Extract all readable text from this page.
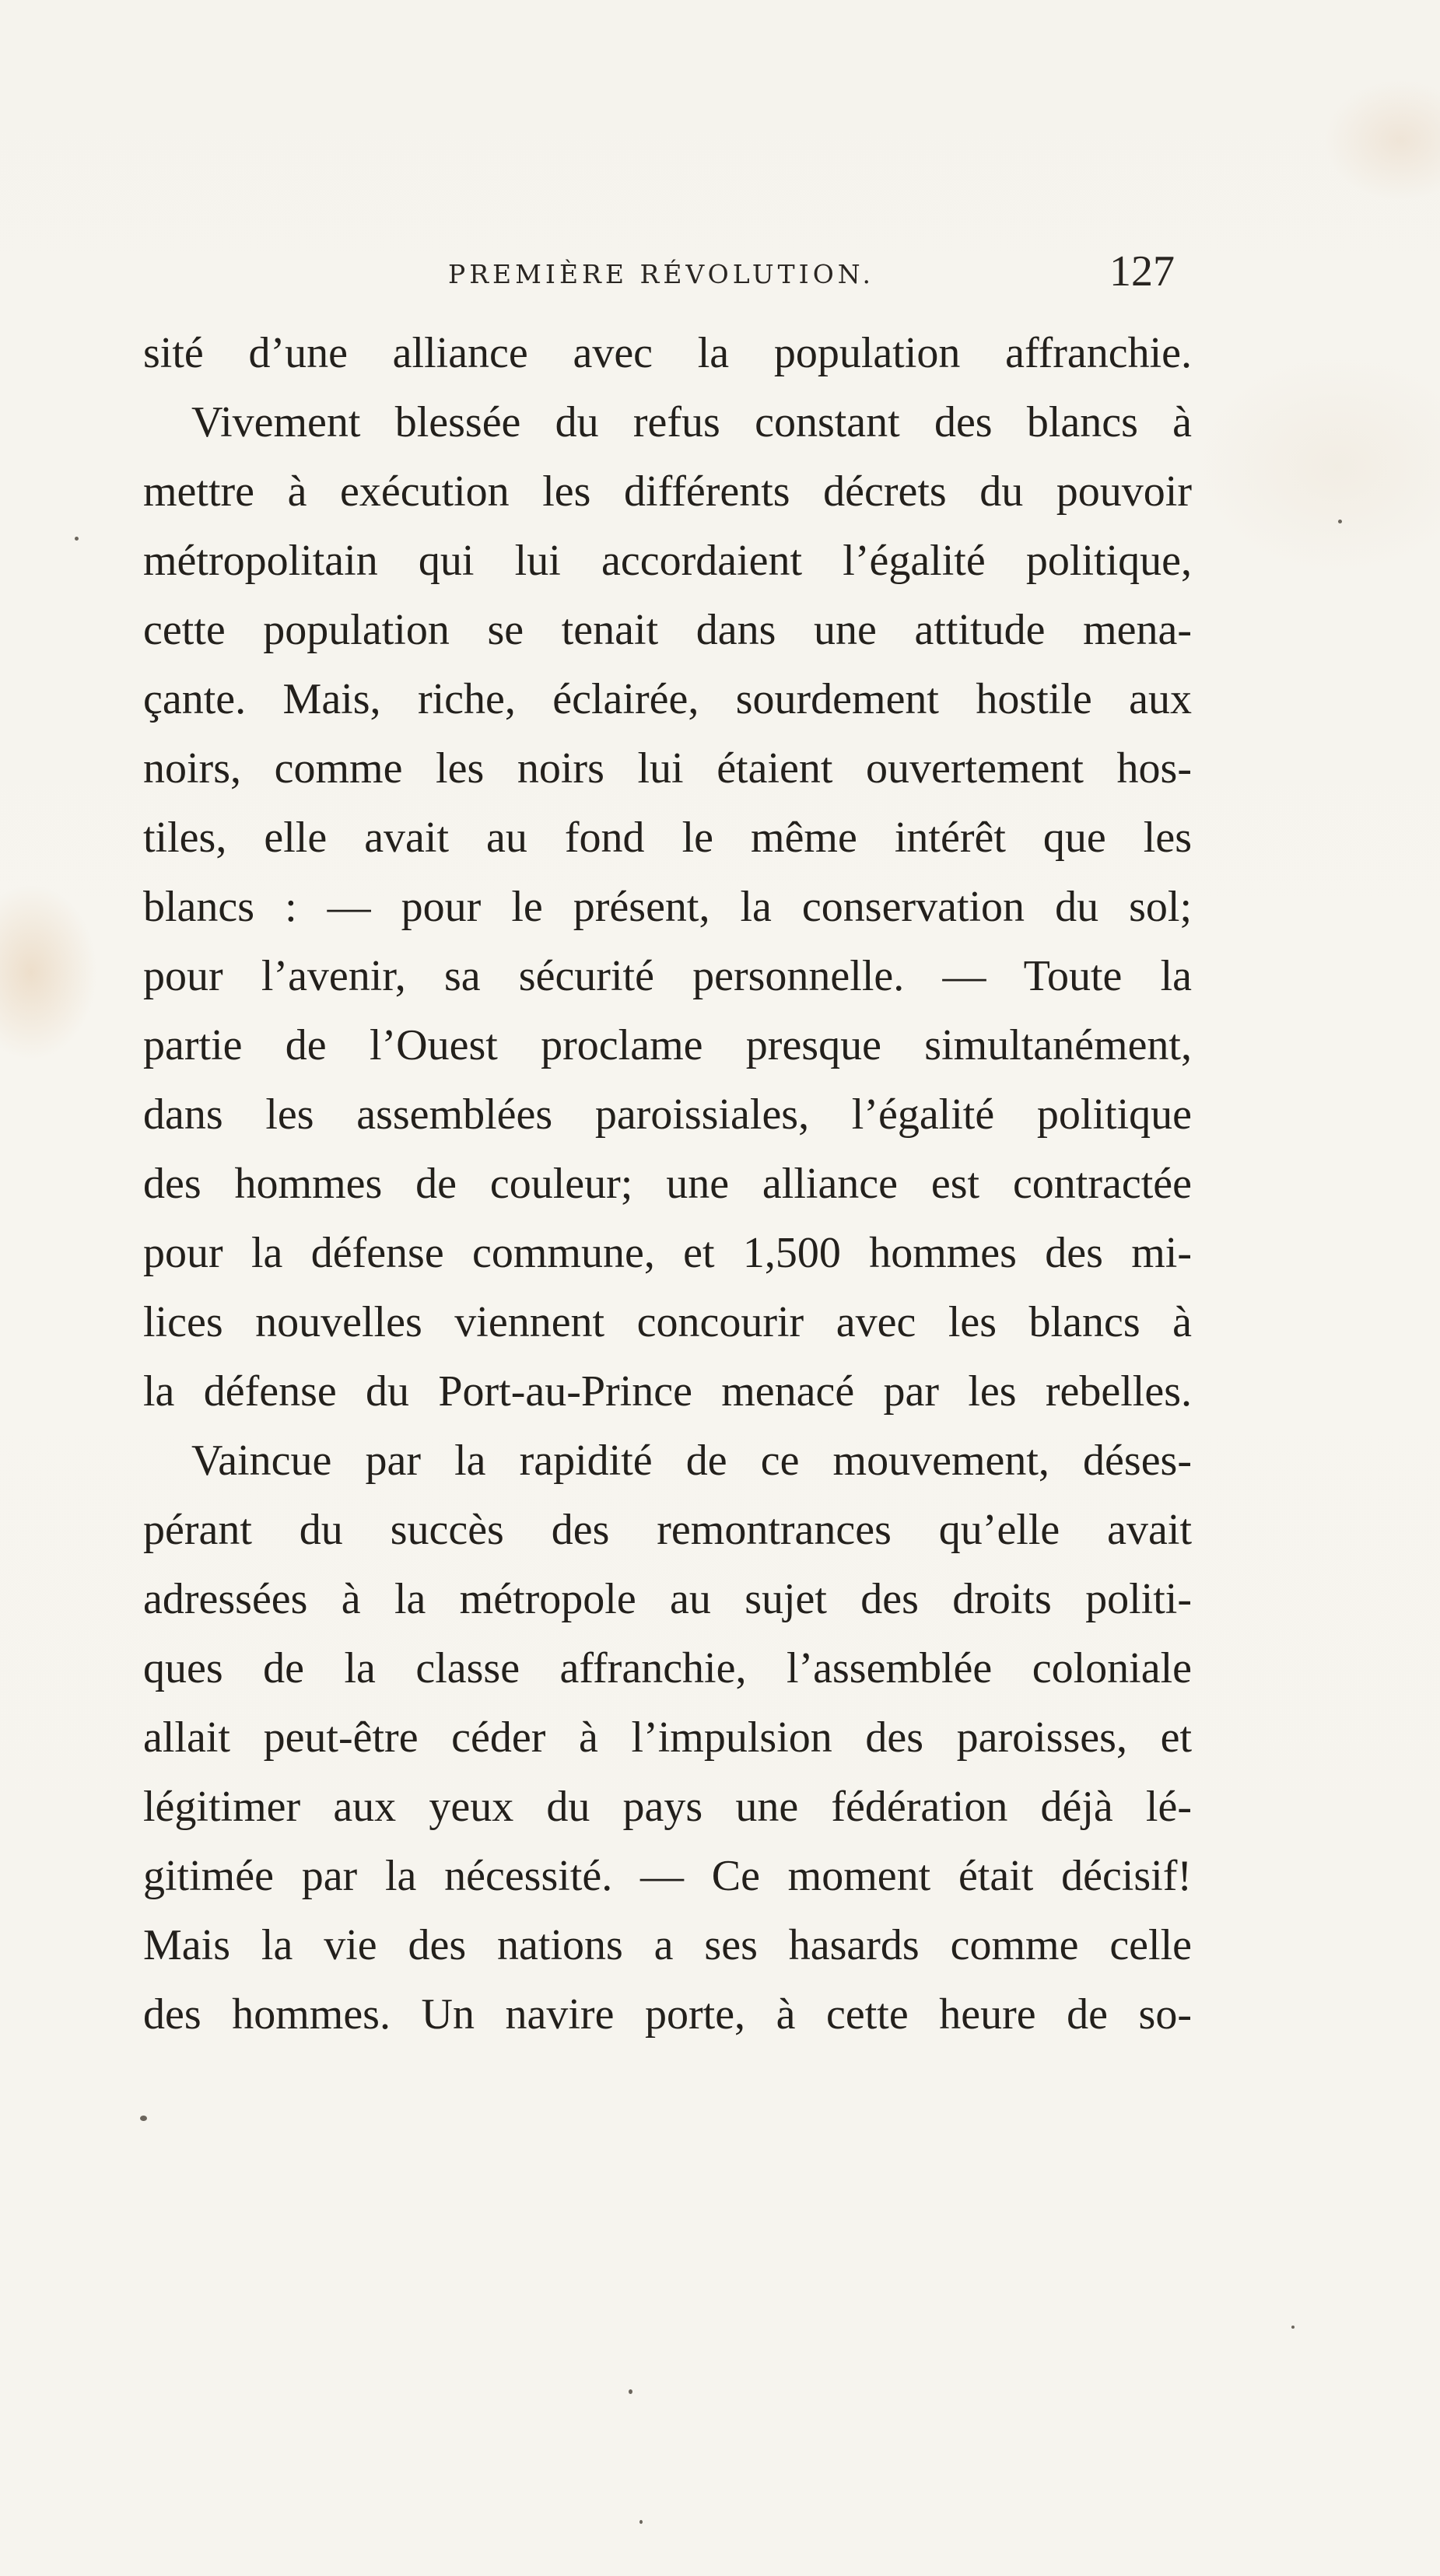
PREMIÈRE RÉVOLUTION.	127
sité d’une alliance avec la population affranchie.
Vivement blessée du refus constant des blancs à
mettre à exécution les différents décrets du pouvoir
métropolitain qui lui accordaient l’égalité politique,
cette population se tenait dans une attitude mena-
çante. Mais, riche, éclairée, sourdement hostile aux
noirs, comme les noirs lui étaient ouvertement hos-
tiles, elle avait au fond le même intérêt que les
blancs : — pour le présent, la conservation du sol;
pour l’avenir, sa sécurité personnelle. — Toute la
partie de l’Ouest proclame presque simultanément,
dans les assemblées paroissiales, l’égalité politique
des hommes de couleur; une alliance est contractée
pour la défense commune, et 1,500 hommes des mi-
lices nouvelles viennent concourir avec les blancs à
la défense du Port-au-Prince menacé par les rebelles.
Vaincue par la rapidité de ce mouvement, déses-
pérant du succès des remontrances qu’elle avait
adressées à la métropole au sujet des droits politi-
ques de la classe affranchie, l’assemblée coloniale
allait peut-être céder à l’impulsion des paroisses, et
légitimer aux yeux du pays une fédération déjà lé-
gitimée par la nécessité. — Ce moment était décisif!
Mais la vie des nations a ses hasards comme celle
des hommes. Un navire porte, à cette heure de so-
